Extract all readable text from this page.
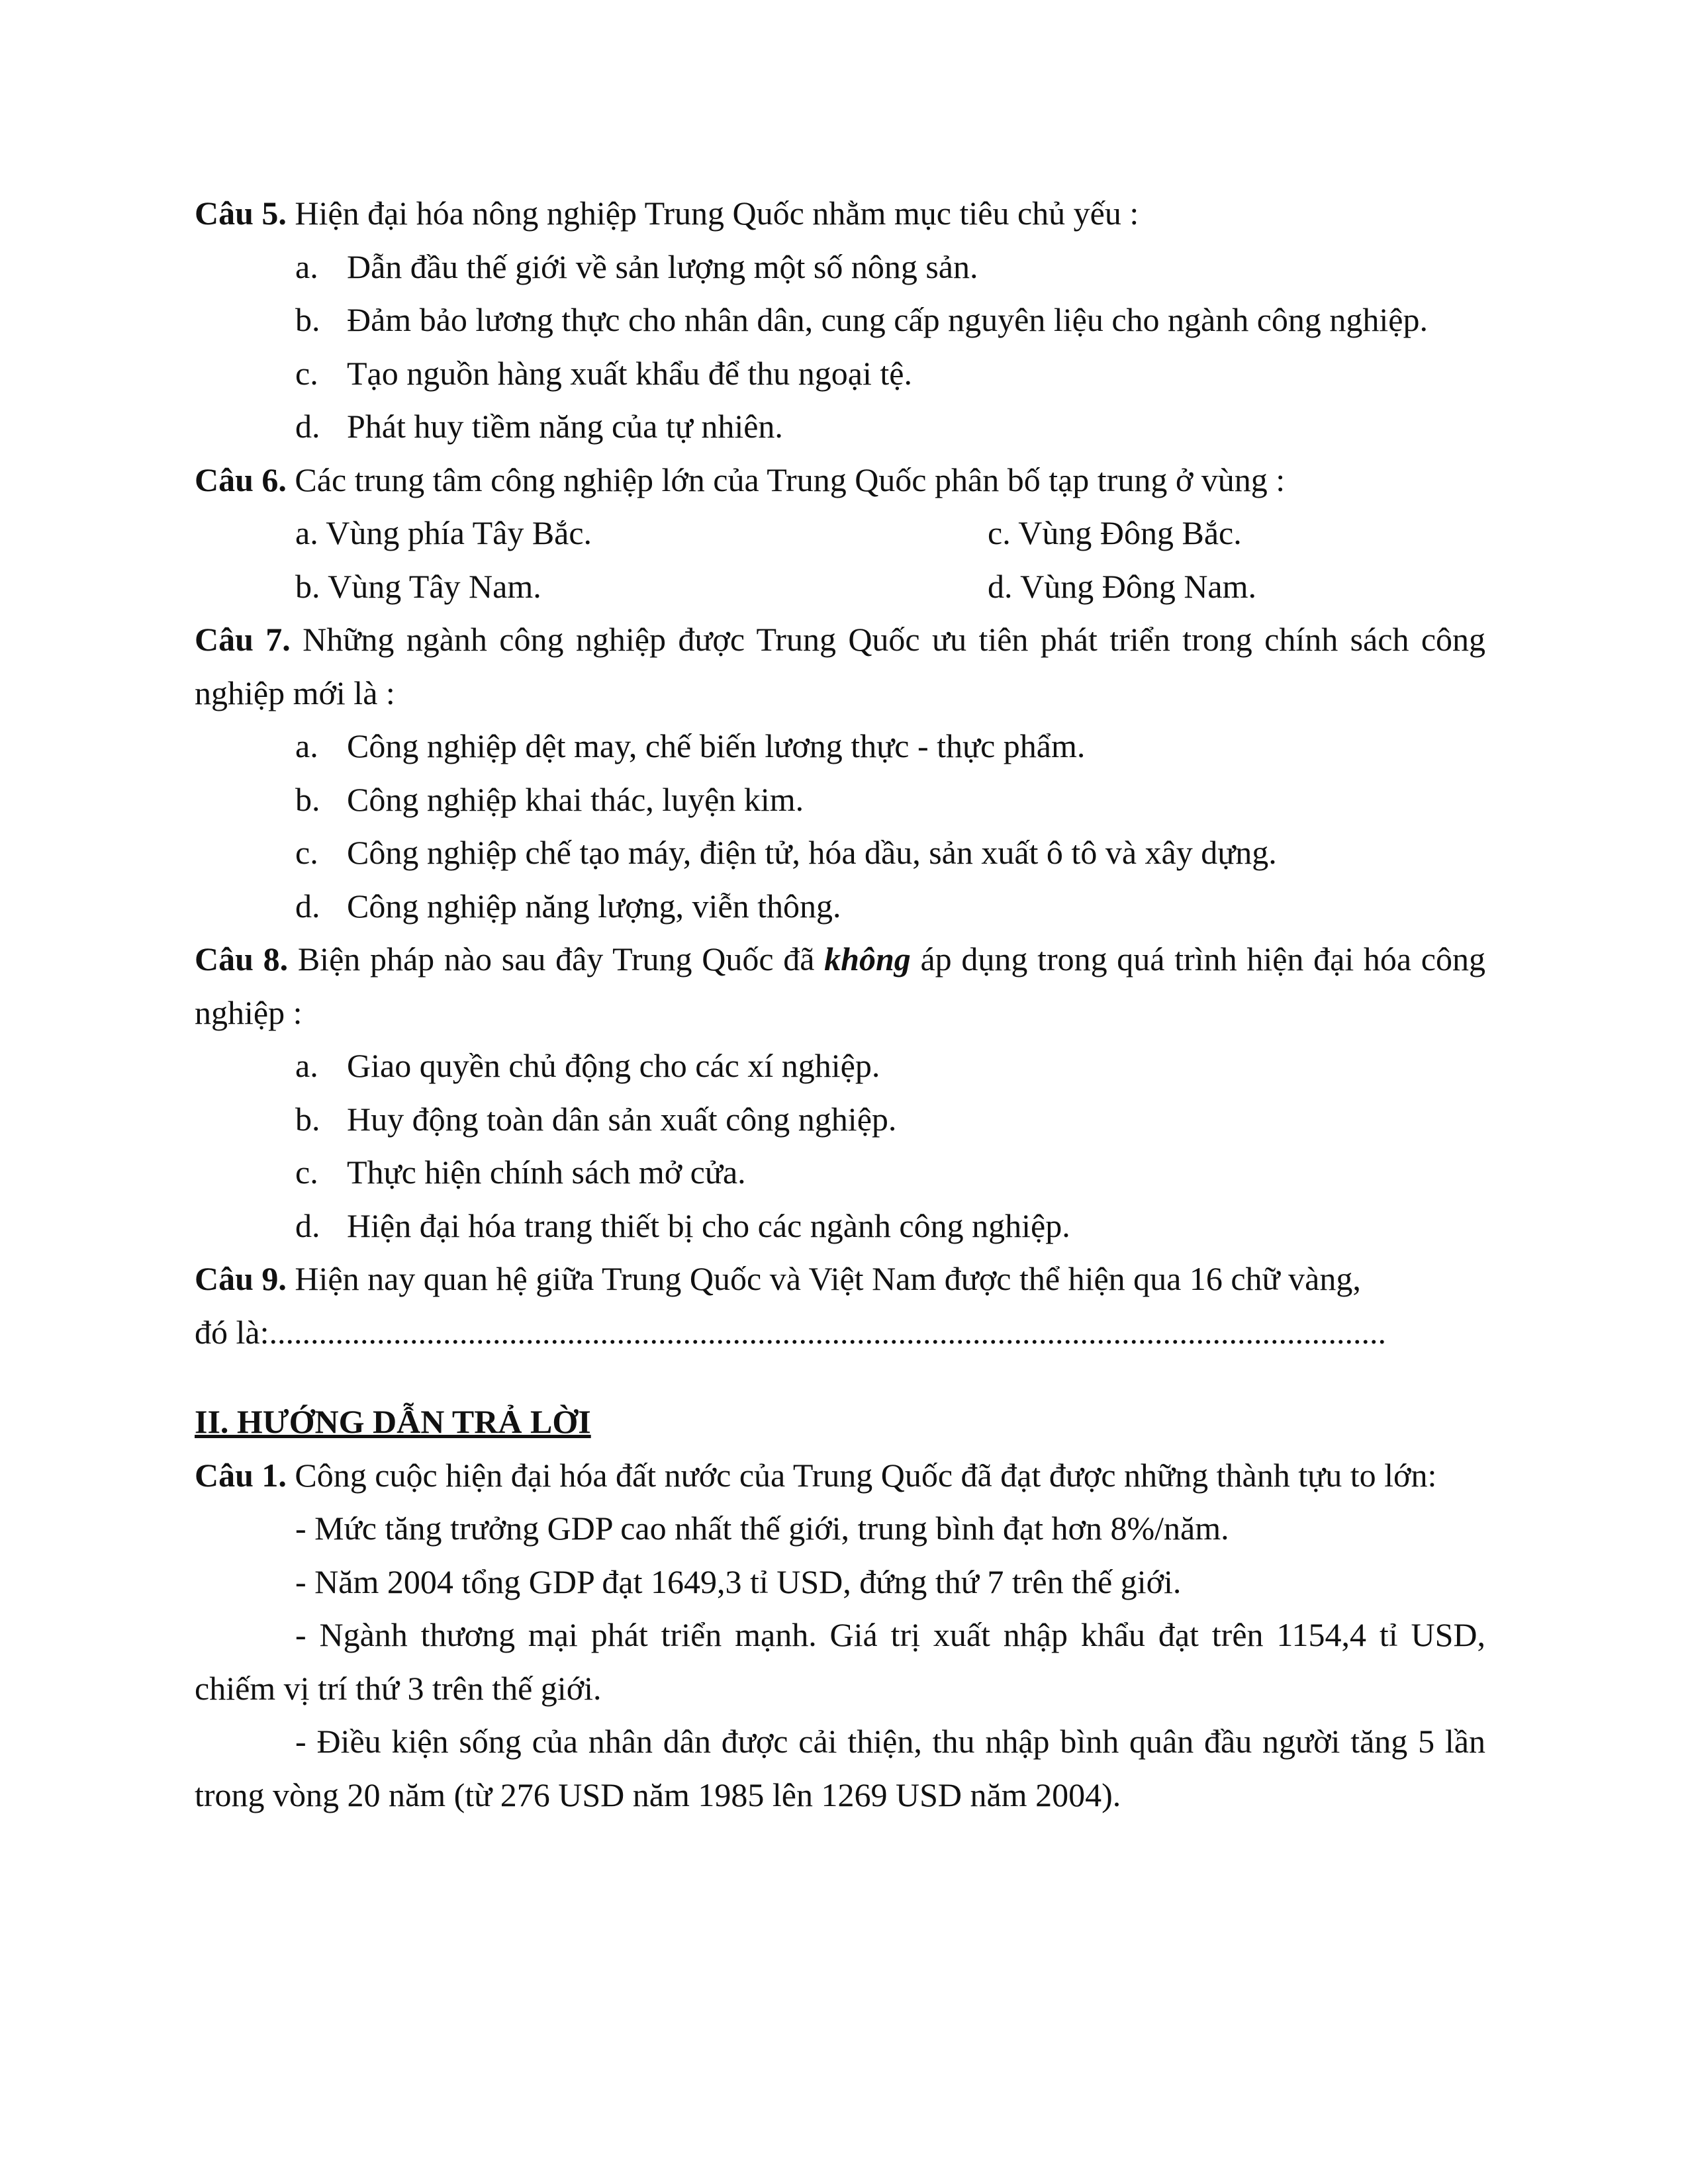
Câu 5. Hiện đại hóa nông nghiệp Trung Quốc nhằm mục tiêu chủ yếu :

a. Dẫn đầu thế giới về sản lượng một số nông sản.
b. Đảm bảo lương thực cho nhân dân, cung cấp nguyên liệu cho ngành công nghiệp.
c. Tạo nguồn hàng xuất khẩu để thu ngoại tệ.
d. Phát huy tiềm năng của tự nhiên.

Câu 6. Các trung tâm công nghiệp lớn của Trung Quốc phân bố tạp trung ở vùng :

a. Vùng phía Tây Bắc.	c. Vùng Đông Bắc.
b. Vùng Tây Nam.	d. Vùng Đông Nam.

Câu 7. Những ngành công nghiệp được Trung Quốc ưu tiên phát triển trong chính sách công nghiệp mới là :

a. Công nghiệp dệt may, chế biến lương thực - thực phẩm.
b. Công nghiệp khai thác, luyện kim.
c. Công nghiệp chế tạo máy, điện tử, hóa dầu, sản xuất ô tô và xây dựng.
d. Công nghiệp năng lượng, viễn thông.

Câu 8. Biện pháp nào sau đây Trung Quốc đã không áp dụng trong quá trình hiện đại hóa công nghiệp :

a. Giao quyền chủ động cho các xí nghiệp.
b. Huy động toàn dân sản xuất công nghiệp.
c. Thực hiện chính sách mở cửa.
d. Hiện đại hóa trang thiết bị cho các ngành công nghiệp.

Câu 9. Hiện nay quan hệ giữa Trung Quốc và Việt Nam được thể hiện qua 16 chữ vàng,

đó là:.......................................................................................................................................

II. HƯỚNG DẪN TRẢ LỜI

Câu 1. Công cuộc hiện đại hóa đất nước của Trung Quốc đã đạt được những thành tựu to lớn:

- Mức tăng trưởng GDP cao nhất thế giới, trung bình đạt hơn 8%/năm.

- Năm 2004 tổng GDP đạt 1649,3 tỉ USD, đứng thứ 7 trên thế giới.

- Ngành thương mại phát triển mạnh. Giá trị xuất nhập khẩu đạt trên 1154,4 tỉ USD, chiếm vị trí thứ 3 trên thế giới.

- Điều kiện sống của nhân dân được cải thiện, thu nhập bình quân đầu người tăng 5 lần trong vòng 20 năm (từ 276 USD năm 1985 lên 1269 USD năm 2004).
